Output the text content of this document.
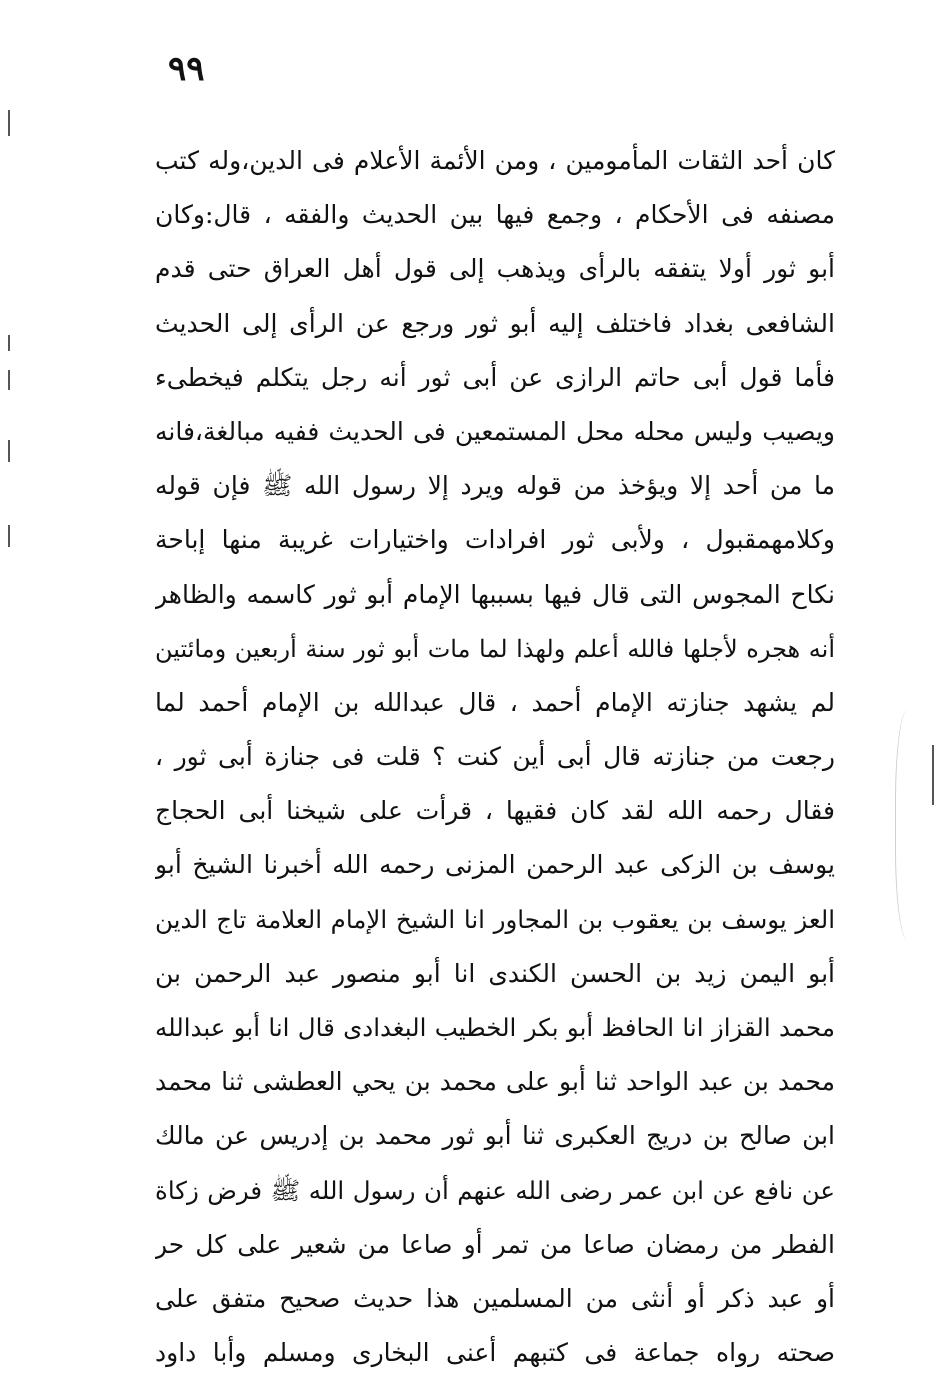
٩٩
كان أحد الثقات المأمومين ، ومن الأئمة الأعلام فى الدين،وله كتب
مصنفه فى الأحكام ، وجمع فيها بين الحديث والفقه ، قال:وكان
أبو ثور أولا يتفقه بالرأى ويذهب إلى قول أهل العراق حتى قدم
الشافعى بغداد فاختلف إليه أبو ثور ورجع عن الرأى إلى الحديث
فأما قول أبى حاتم الرازى عن أبى ثور أنه رجل يتكلم فيخطىء
ويصيب وليس محله محل المستمعين فى الحديث ففيه مبالغة،فانه
ما من أحد إلا ويؤخذ من قوله ويرد إلا رسول الله ﷺ فإن قوله
وكلامهمقبول ، ولأبى ثور افرادات واختيارات غريبة منها إباحة
نكاح المجوس التى قال فيها بسببها الإمام أبو ثور كاسمه والظاهر
أنه هجره لأجلها فالله أعلم ولهذا لما مات أبو ثور سنة أربعين ومائتين
لم يشهد جنازته الإمام أحمد ، قال عبدالله بن الإمام أحمد لما
رجعت من جنازته قال أبى أين كنت ؟ قلت فى جنازة أبى ثور ،
فقال رحمه الله لقد كان فقيها ، قرأت على شيخنا أبى الحجاج
يوسف بن الزكى عبد الرحمن المزنى رحمه الله أخبرنا الشيخ أبو
العز يوسف بن يعقوب بن المجاور انا الشيخ الإمام العلامة تاج الدين
أبو اليمن زيد بن الحسن الكندى انا أبو منصور عبد الرحمن بن
محمد القزاز انا الحافظ أبو بكر الخطيب البغدادى قال انا أبو عبدالله
محمد بن عبد الواحد ثنا أبو على محمد بن يحي العطشى ثنا محمد
ابن صالح بن دريج العكبرى ثنا أبو ثور محمد بن إدريس عن مالك
عن نافع عن ابن عمر رضى الله عنهم أن رسول الله ﷺ فرض زكاة
الفطر من رمضان صاعا من تمر أو صاعا من شعير على كل حر
أو عبد ذكر أو أنثى من المسلمين هذا حديث صحيح متفق على
صحته رواه جماعة فى كتبهم أعنى البخارى ومسلم وأبا داود
